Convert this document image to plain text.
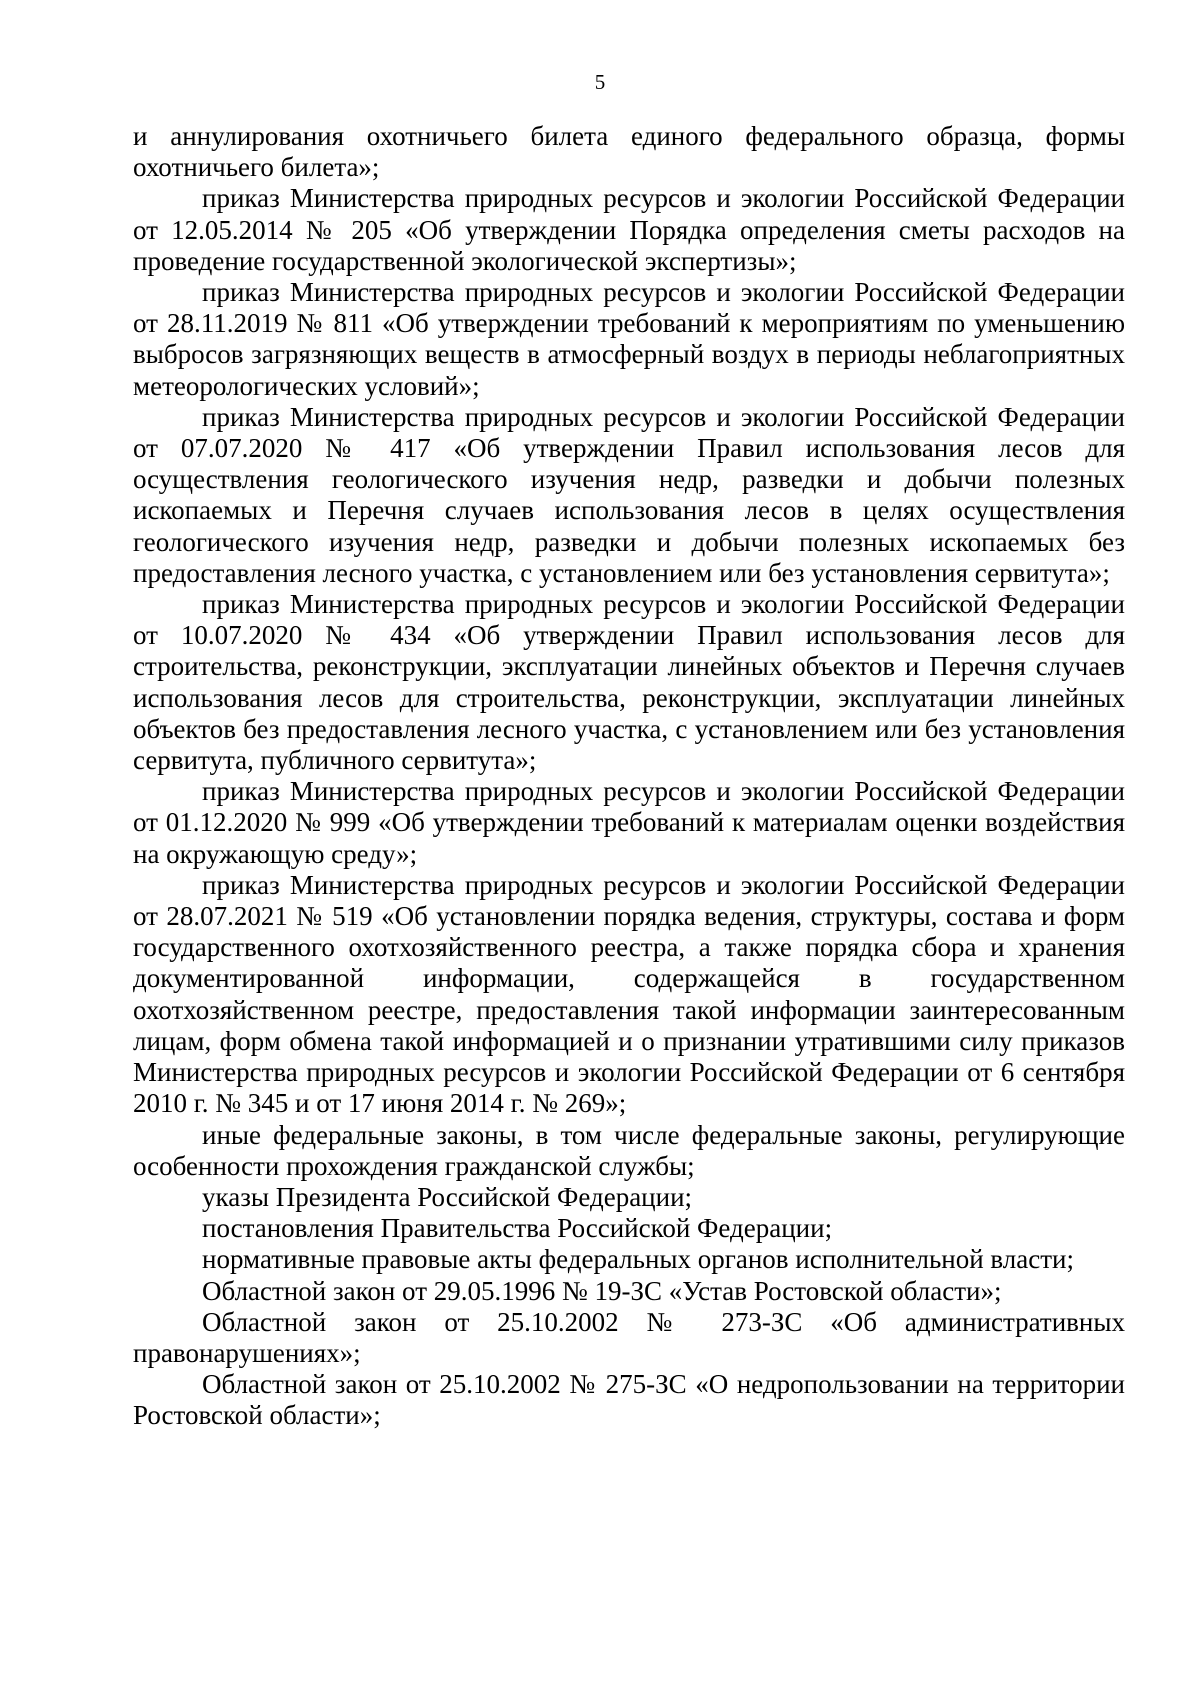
5

и аннулирования охотничьего билета единого федерального образца, формы охотничьего билета»;

приказ Министерства природных ресурсов и экологии Российской Федерации от 12.05.2014 № 205 «Об утверждении Порядка определения сметы расходов на проведение государственной экологической экспертизы»;

приказ Министерства природных ресурсов и экологии Российской Федерации от 28.11.2019 № 811 «Об утверждении требований к мероприятиям по уменьшению выбросов загрязняющих веществ в атмосферный воздух в периоды неблагоприятных метеорологических условий»;

приказ Министерства природных ресурсов и экологии Российской Федерации от 07.07.2020 № 417 «Об утверждении Правил использования лесов для осуществления геологического изучения недр, разведки и добычи полезных ископаемых и Перечня случаев использования лесов в целях осуществления геологического изучения недр, разведки и добычи полезных ископаемых без предоставления лесного участка, с установлением или без установления сервитута»;

приказ Министерства природных ресурсов и экологии Российской Федерации от 10.07.2020 № 434 «Об утверждении Правил использования лесов для строительства, реконструкции, эксплуатации линейных объектов и Перечня случаев использования лесов для строительства, реконструкции, эксплуатации линейных объектов без предоставления лесного участка, с установлением или без установления сервитута, публичного сервитута»;

приказ Министерства природных ресурсов и экологии Российской Федерации от 01.12.2020 № 999 «Об утверждении требований к материалам оценки воздействия на окружающую среду»;

приказ Министерства природных ресурсов и экологии Российской Федерации от 28.07.2021 № 519 «Об установлении порядка ведения, структуры, состава и форм государственного охотхозяйственного реестра, а также порядка сбора и хранения документированной информации, содержащейся в государственном охотхозяйственном реестре, предоставления такой информации заинтересованным лицам, форм обмена такой информацией и о признании утратившими силу приказов Министерства природных ресурсов и экологии Российской Федерации от 6 сентября 2010 г. № 345 и от 17 июня 2014 г. № 269»;

иные федеральные законы, в том числе федеральные законы, регулирующие особенности прохождения гражданской службы;

указы Президента Российской Федерации;

постановления Правительства Российской Федерации;

нормативные правовые акты федеральных органов исполнительной власти;

Областной закон от 29.05.1996 № 19-ЗС «Устав Ростовской области»;

Областной закон от 25.10.2002 № 273-ЗС «Об административных правонарушениях»;

Областной закон от 25.10.2002 № 275-ЗС «О недропользовании на территории Ростовской области»;
